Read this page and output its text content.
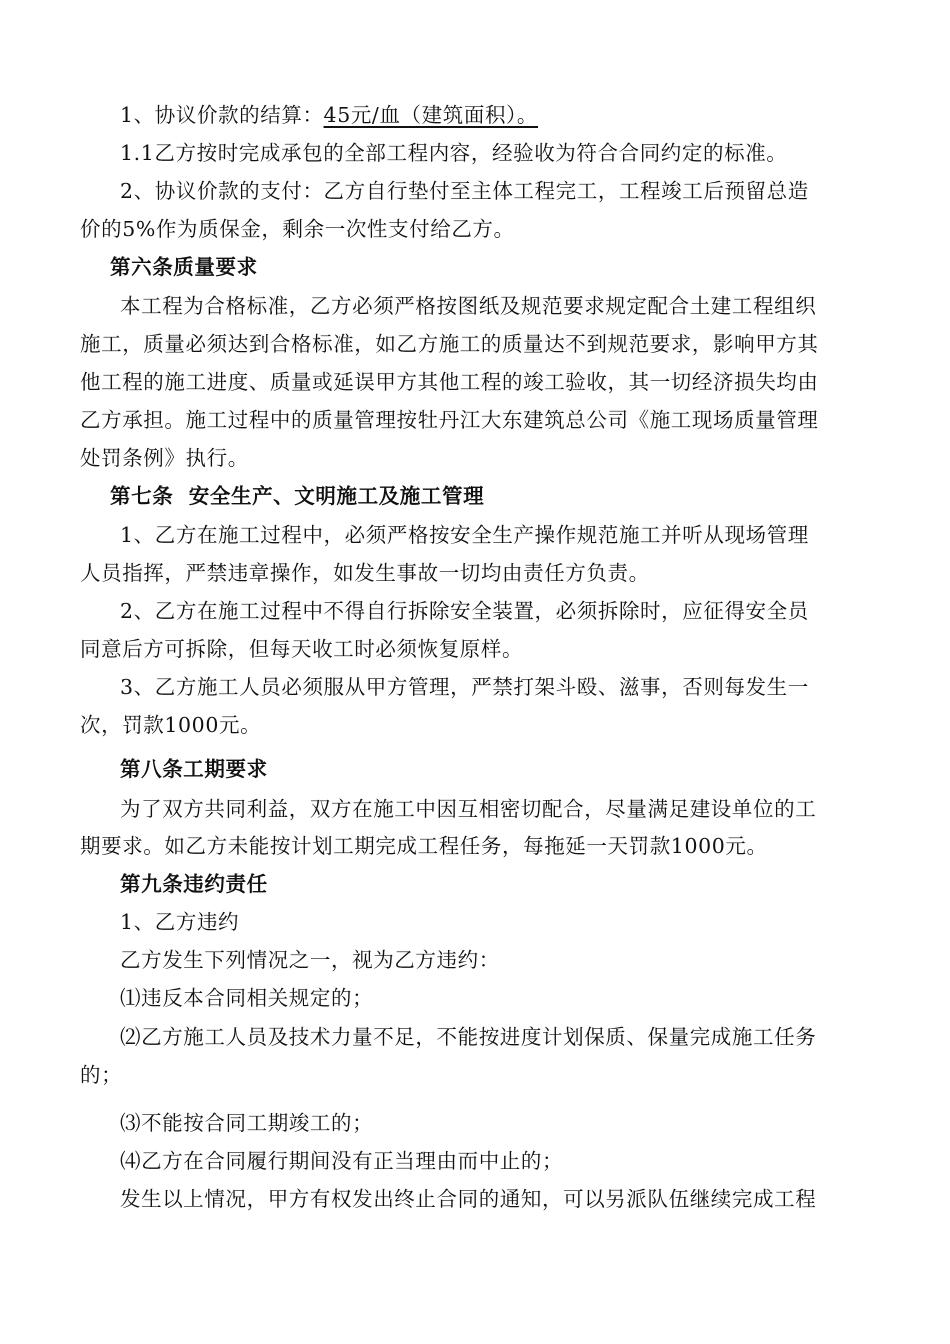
1、协议价款的结算：45元/血（建筑面积）。
1.1乙方按时完成承包的全部工程内容，经验收为符合合同约定的标准。
2、协议价款的支付：乙方自行垫付至主体工程完工，工程竣工后预留总造
价的5%作为质保金，剩余一次性支付给乙方。
第六条质量要求
本工程为合格标准，乙方必须严格按图纸及规范要求规定配合土建工程组织
施工，质量必须达到合格标准，如乙方施工的质量达不到规范要求，影响甲方其
他工程的施工进度、质量或延误甲方其他工程的竣工验收，其一切经济损失均由
乙方承担。施工过程中的质量管理按牡丹江大东建筑总公司《施工现场质量管理
处罚条例》执行。
第七条  安全生产、文明施工及施工管理
1、乙方在施工过程中，必须严格按安全生产操作规范施工并听从现场管理
人员指挥，严禁违章操作，如发生事故一切均由责任方负责。
2、乙方在施工过程中不得自行拆除安全装置，必须拆除时，应征得安全员
同意后方可拆除，但每天收工时必须恢复原样。
3、乙方施工人员必须服从甲方管理，严禁打架斗殴、滋事，否则每发生一
次，罚款1000元。
第八条工期要求
为了双方共同利益，双方在施工中因互相密切配合，尽量满足建设单位的工
期要求。如乙方未能按计划工期完成工程任务，每拖延一天罚款1000元。
第九条违约责任
1、乙方违约
乙方发生下列情况之一，视为乙方违约：
⑴违反本合同相关规定的；
⑵乙方施工人员及技术力量不足，不能按进度计划保质、保量完成施工任务
的；
⑶不能按合同工期竣工的；
⑷乙方在合同履行期间没有正当理由而中止的；
发生以上情况，甲方有权发出终止合同的通知，可以另派队伍继续完成工程
